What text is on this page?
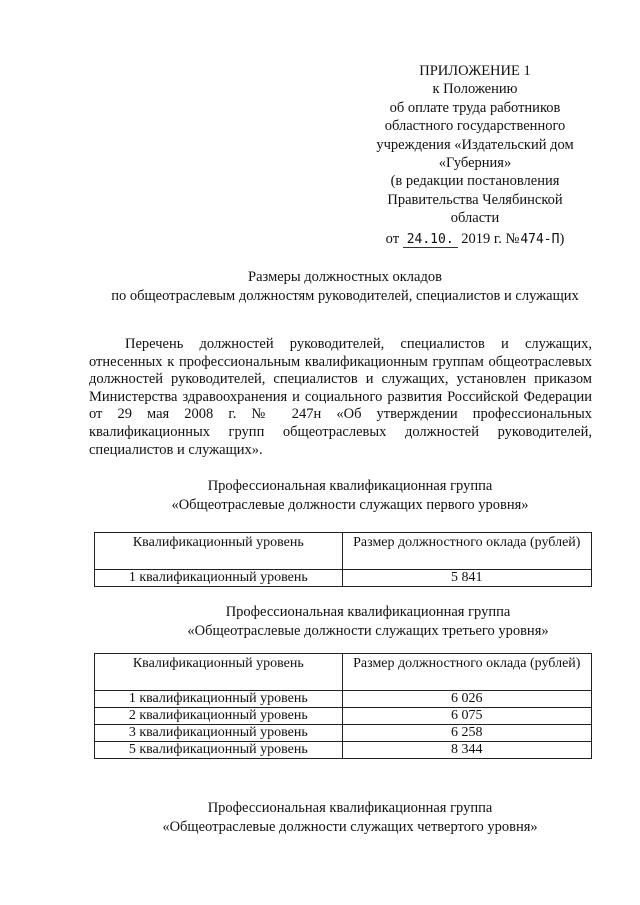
ПРИЛОЖЕНИЕ 1
к Положению
об оплате труда работников
областного государственного
учреждения «Издательский дом
«Губерния»
(в редакции постановления
Правительства Челябинской
области
от 24.10. 2019 г. №474-П)
Размеры должностных окладов
по общеотраслевым должностям руководителей, специалистов и служащих

Перечень должностей руководителей, специалистов и служащих, отнесенных к профессиональным квалификационным группам общеотраслевых должностей руководителей, специалистов и служащих, установлен приказом Министерства здравоохранения и социального развития Российской Федерации от 29 мая 2008 г. № 247н «Об утверждении профессиональных квалификационных групп общеотраслевых должностей руководителей, специалистов и служащих».

Профессиональная квалификационная группа
«Общеотраслевые должности служащих первого уровня»
Квалификационный уровень	Размер должностного оклада (рублей)
1 квалификационный уровень	5 841
Профессиональная квалификационная группа
«Общеотраслевые должности служащих третьего уровня»
Квалификационный уровень	Размер должностного оклада (рублей)
1 квалификационный уровень	6 026
2 квалификационный уровень	6 075
3 квалификационный уровень	6 258
5 квалификационный уровень	8 344
Профессиональная квалификационная группа
«Общеотраслевые должности служащих четвертого уровня»
